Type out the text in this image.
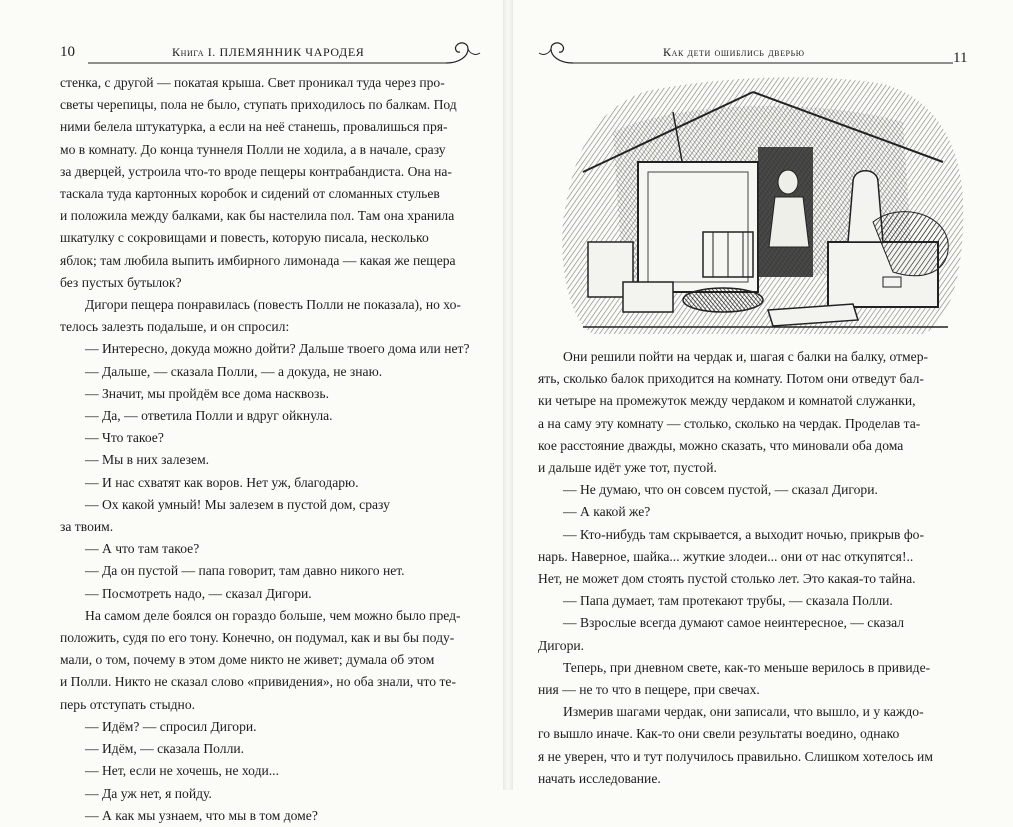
10	Книга I. ПЛЕМЯННИК ЧАРОДЕЯ

стенка, с другой — покатая крыша. Свет проникал туда через про-

светы черепицы, пола не было, ступать приходилось по балкам. Под

ними белела штукатурка, а если на неё станешь, провалишься пря-

мо в комнату. До конца туннеля Полли не ходила, а в начале, сразу

за дверцей, устроила что-то вроде пещеры контрабандиста. Она на-

таскала туда картонных коробок и сидений от сломанных стульев

и положила между балками, как бы настелила пол. Там она хранила

шкатулку с сокровищами и повесть, которую писала, несколько

яблок; там любила выпить имбирного лимонада — какая же пещера

без пустых бутылок?

Дигори пещера понравилась (повесть Полли не показала), но хо-

телось залезть подальше, и он спросил:

— Интересно, докуда можно дойти? Дальше твоего дома или нет?

— Дальше, — сказала Полли, — а докуда, не знаю.

— Значит, мы пройдём все дома насквозь.

— Да, — ответила Полли и вдруг ойкнула.

— Что такое?

— Мы в них залезем.

— И нас схватят как воров. Нет уж, благодарю.

— Ох какой умный! Мы залезем в пустой дом, сразу

за твоим.

— А что там такое?

— Да он пустой — папа говорит, там давно никого нет.

— Посмотреть надо, — сказал Дигори.

На самом деле боялся он гораздо больше, чем можно было пред-

положить, судя по его тону. Конечно, он подумал, как и вы бы поду-

мали, о том, почему в этом доме никто не живет; думала об этом

и Полли. Никто не сказал слово «привидения», но оба знали, что те-

перь отступать стыдно.

— Идём? — спросил Дигори.

— Идём, — сказала Полли.

— Нет, если не хочешь, не ходи...

— Да уж нет, я пойду.

— А как мы узнаем, что мы в том доме?

Как дети ошиблись дверью	11

Они решили пойти на чердак и, шагая с балки на балку, отмер-

ять, сколько балок приходится на комнату. Потом они отведут бал-

ки четыре на промежуток между чердаком и комнатой служанки,

а на саму эту комнату — столько, сколько на чердак. Проделав та-

кое расстояние дважды, можно сказать, что миновали оба дома

и дальше идёт уже тот, пустой.

— Не думаю, что он совсем пустой, — сказал Дигори.

— А какой же?

— Кто-нибудь там скрывается, а выходит ночью, прикрыв фо-

нарь. Наверное, шайка... жуткие злодеи... они от нас откупятся!..

Нет, не может дом стоять пустой столько лет. Это какая-то тайна.

— Папа думает, там протекают трубы, — сказала Полли.

— Взрослые всегда думают самое неинтересное, — сказал

Дигори.

Теперь, при дневном свете, как-то меньше верилось в привиде-

ния — не то что в пещере, при свечах.

Измерив шагами чердак, они записали, что вышло, и у каждо-

го вышло иначе. Как-то они свели результаты воедино, однако

я не уверен, что и тут получилось правильно. Слишком хотелось им

начать исследование.
